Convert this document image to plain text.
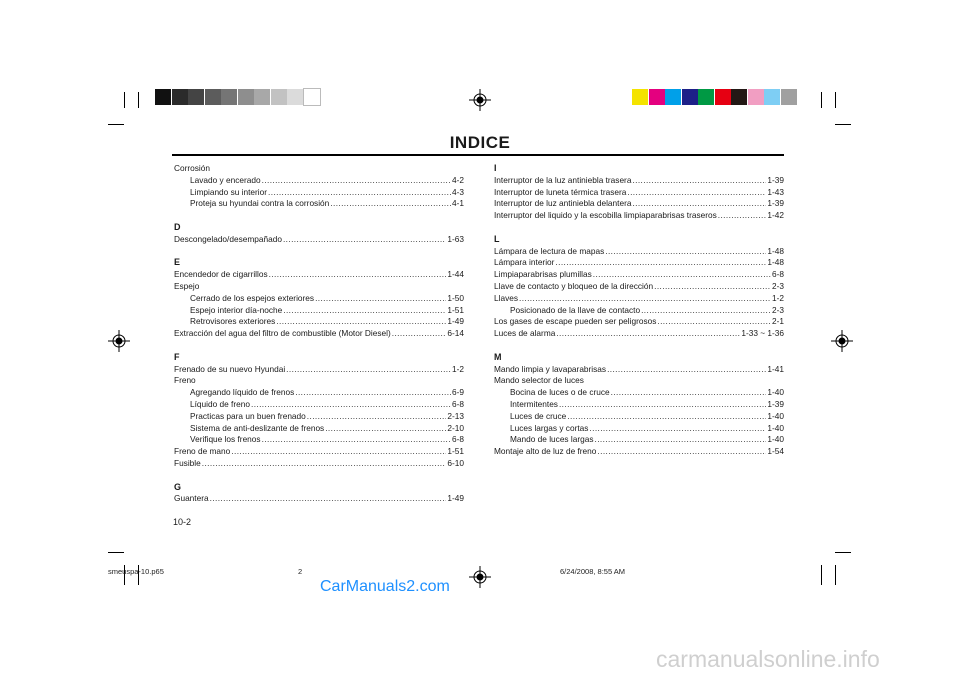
INDICE
Corrosión
Lavado y encerado .....	4-2
Limpiando su interior .....	4-3
Proteja su hyundai contra la corrosión .....	4-1
D
Descongelado/desempañado .....	1-63
E
Encendedor de cigarrillos .....	1-44
Espejo
Cerrado de los espejos exteriores .....	1-50
Espejo interior día-noche .....	1-51
Retrovisores exteriores .....	1-49
Extracción del agua del filtro de combustible (Motor Diesel) .....	6-14
F
Frenado de su nuevo Hyundai .....	1-2
Freno
Agregando líquido de frenos .....	6-9
Líquido de freno .....	6-8
Practicas para un buen frenado .....	2-13
Sistema de anti-deslizante de frenos .....	2-10
Verifique los frenos .....	6-8
Freno de mano .....	1-51
Fusible .....	6-10
G
Guantera .....	1-49
I
Interruptor de la luz antiniebla trasera .....	1-39
Interruptor de luneta térmica trasera .....	1-43
Interruptor de luz antiniebla delantera .....	1-39
Interruptor del liquido y la escobilla limpiaparabrisas traseros .....	1-42
L
Lámpara de lectura de mapas .....	1-48
Lámpara interior .....	1-48
Limpiaparabrisas plumillas .....	6-8
Llave de contacto y bloqueo de la dirección .....	2-3
Llaves .....	1-2
Posicionado de la llave de contacto .....	2-3
Los gases de escape pueden ser peligrosos .....	2-1
Luces de alarma .....	1-33 ~ 1-36
M
Mando limpia y lavaparabrisas .....	1-41
Mando selector de luces
Bocina de luces o de cruce .....	1-40
Intermitentes .....	1-39
Luces de cruce .....	1-40
Luces largas y cortas .....	1-40
Mando de luces largas .....	1-40
Montaje alto de luz de freno .....	1-54
10-2
smeuspa-10.p65	2	6/24/2008, 8:55 AM
CarManuals2.com
carmanualsonline.info
